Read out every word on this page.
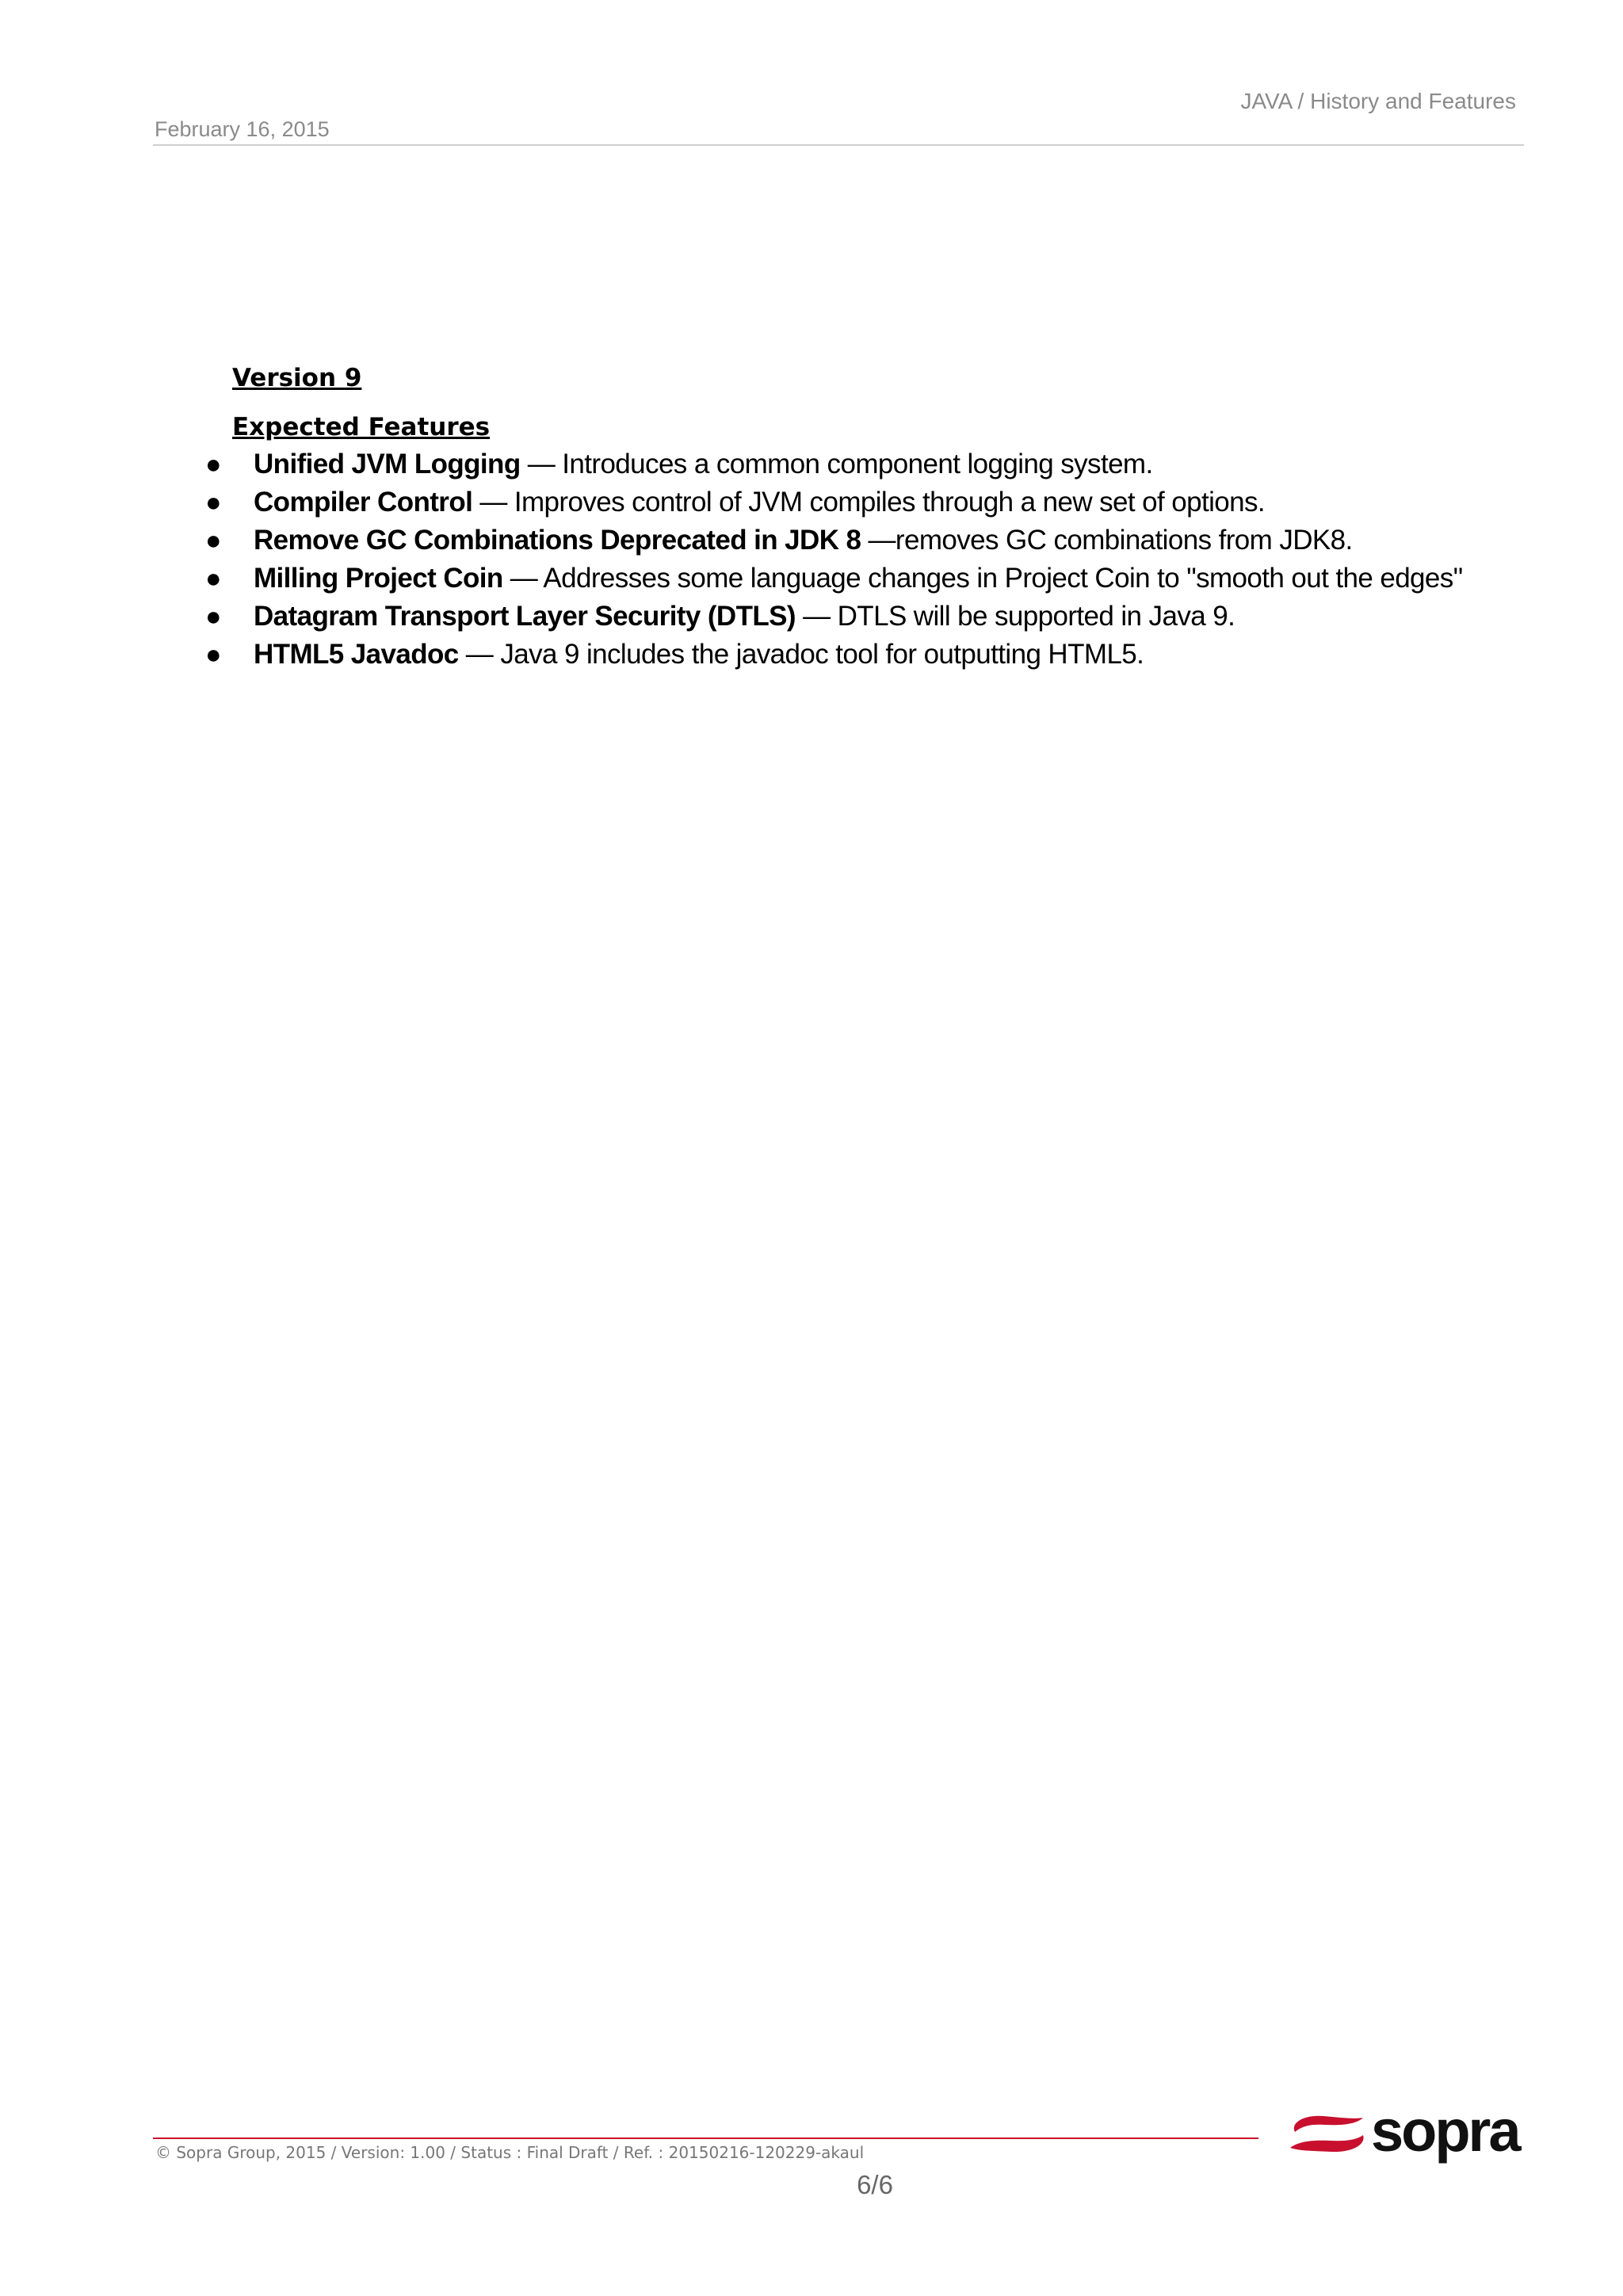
JAVA / History and Features
February 16, 2015
Version 9
Expected Features
● Unified JVM Logging — Introduces a common component logging system.
● Compiler Control — Improves control of JVM compiles through a new set of options.
● Remove GC Combinations Deprecated in JDK 8 —removes GC combinations from JDK8.
● Milling Project Coin — Addresses some language changes in Project Coin to "smooth out the edges"
● Datagram Transport Layer Security (DTLS) — DTLS will be supported in Java 9.
● HTML5 Javadoc — Java 9 includes the javadoc tool for outputting HTML5.
© Sopra Group, 2015 / Version: 1.00 / Status : Final Draft / Ref. : 20150216-120229-akaul
6/6
sopra
